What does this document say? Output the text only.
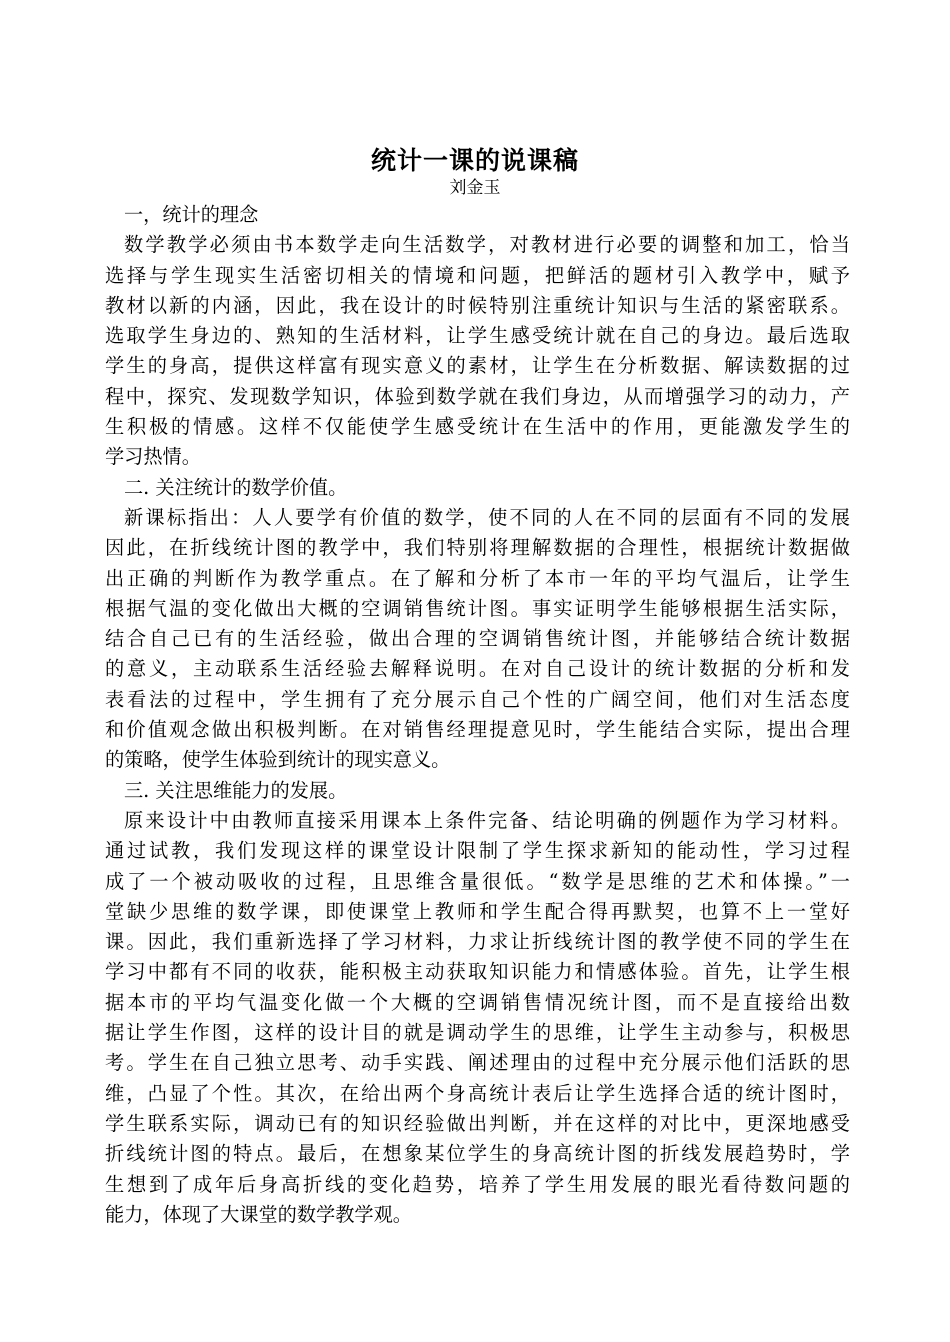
统计一课的说课稿
刘金玉
一，统计的理念
数学教学必须由书本数学走向生活数学，对教材进行必要的调整和加工，恰当
选择与学生现实生活密切相关的情境和问题，把鲜活的题材引入教学中，赋予
教材以新的内涵，因此，我在设计的时候特别注重统计知识与生活的紧密联系。
选取学生身边的、熟知的生活材料，让学生感受统计就在自己的身边。最后选取
学生的身高，提供这样富有现实意义的素材，让学生在分析数据、解读数据的过
程中，探究、发现数学知识，体验到数学就在我们身边，从而增强学习的动力，产
生积极的情感。这样不仅能使学生感受统计在生活中的作用，更能激发学生的
学习热情。
二. 关注统计的数学价值。
新课标指出：人人要学有价值的数学，使不同的人在不同的层面有不同的发展
因此，在折线统计图的教学中，我们特别将理解数据的合理性，根据统计数据做
出正确的判断作为教学重点。在了解和分析了本市一年的平均气温后，让学生
根据气温的变化做出大概的空调销售统计图。事实证明学生能够根据生活实际，
结合自己已有的生活经验，做出合理的空调销售统计图，并能够结合统计数据
的意义，主动联系生活经验去解释说明。在对自己设计的统计数据的分析和发
表看法的过程中，学生拥有了充分展示自己个性的广阔空间，他们对生活态度
和价值观念做出积极判断。在对销售经理提意见时，学生能结合实际，提出合理
的策略，使学生体验到统计的现实意义。
三. 关注思维能力的发展。
原来设计中由教师直接采用课本上条件完备、结论明确的例题作为学习材料。
通过试教，我们发现这样的课堂设计限制了学生探求新知的能动性，学习过程
成了一个被动吸收的过程，且思维含量很低。“数学是思维的艺术和体操。”一
堂缺少思维的数学课，即使课堂上教师和学生配合得再默契，也算不上一堂好
课。因此，我们重新选择了学习材料，力求让折线统计图的教学使不同的学生在
学习中都有不同的收获，能积极主动获取知识能力和情感体验。首先，让学生根
据本市的平均气温变化做一个大概的空调销售情况统计图，而不是直接给出数
据让学生作图，这样的设计目的就是调动学生的思维，让学生主动参与，积极思
考。学生在自己独立思考、动手实践、阐述理由的过程中充分展示他们活跃的思
维，凸显了个性。其次，在给出两个身高统计表后让学生选择合适的统计图时，
学生联系实际，调动已有的知识经验做出判断，并在这样的对比中，更深地感受
折线统计图的特点。最后，在想象某位学生的身高统计图的折线发展趋势时，学
生想到了成年后身高折线的变化趋势，培养了学生用发展的眼光看待数问题的
能力，体现了大课堂的数学教学观。
